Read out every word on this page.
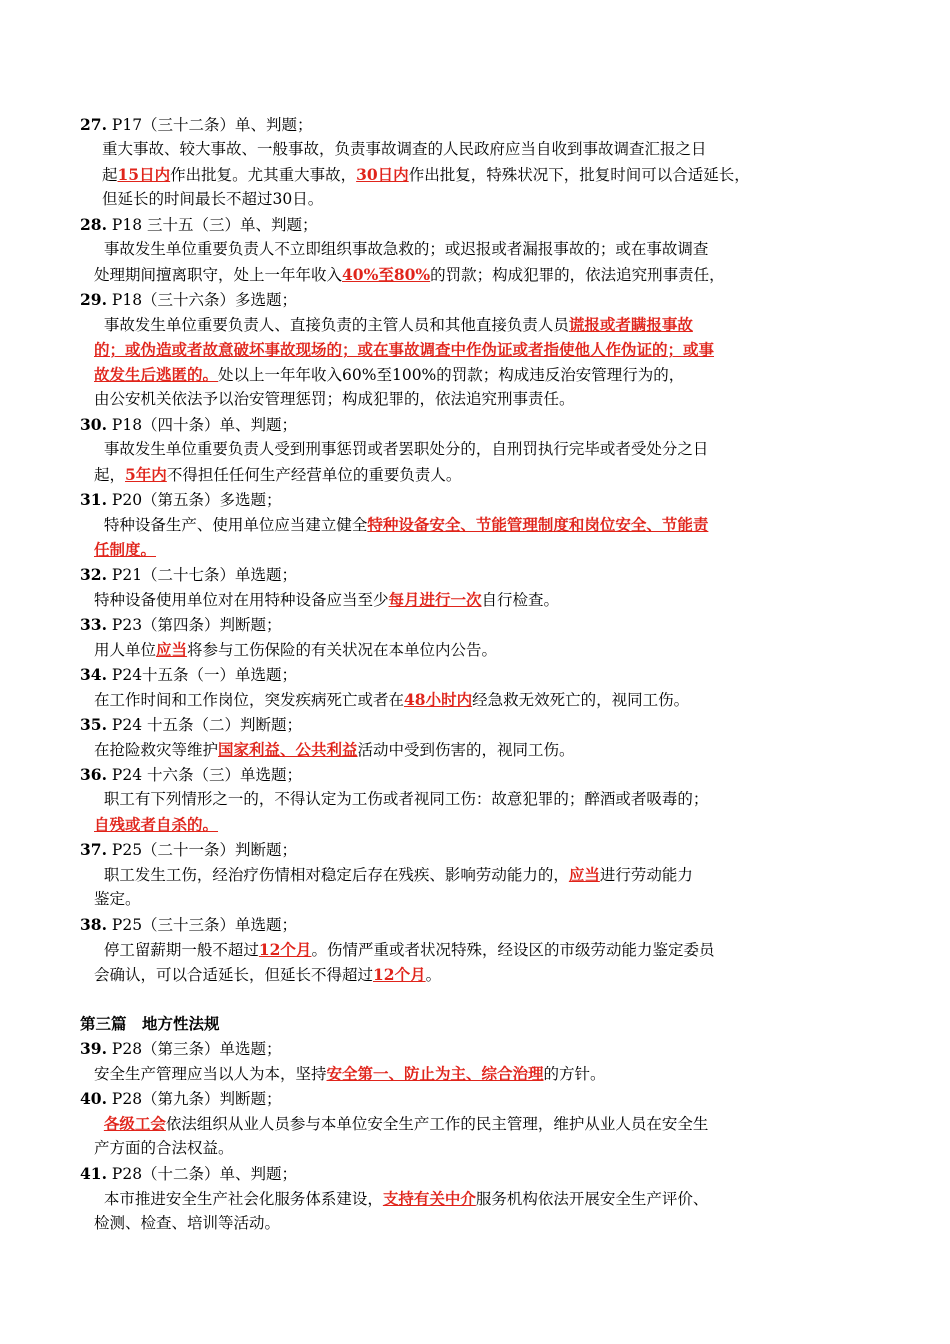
27. P17（三十二条）单、判题；
重大事故、较大事故、一般事故，负责事故调查的人民政府应当自收到事故调查汇报之日
起15日内作出批复。尤其重大事故，30日内作出批复，特殊状况下，批复时间可以合适延长，
但延长的时间最长不超过30日。
28. P18 三十五（三）单、判题；
事故发生单位重要负责人不立即组织事故急救的；或迟报或者漏报事故的；或在事故调查
处理期间擅离职守，处上一年年收入40%至80%的罚款；构成犯罪的，依法追究刑事责任，
29. P18（三十六条）多选题；
事故发生单位重要负责人、直接负责的主管人员和其他直接负责人员谎报或者瞒报事故
的；或伪造或者故意破坏事故现场的；或在事故调查中作伪证或者指使他人作伪证的；或事
故发生后逃匿的。处以上一年年收入60%至100%的罚款；构成违反治安管理行为的，
由公安机关依法予以治安管理惩罚；构成犯罪的，依法追究刑事责任。
30. P18（四十条）单、判题；
事故发生单位重要负责人受到刑事惩罚或者罢职处分的，自刑罚执行完毕或者受处分之日
起，5年内不得担任任何生产经营单位的重要负责人。
31. P20（第五条）多选题；
特种设备生产、使用单位应当建立健全特种设备安全、节能管理制度和岗位安全、节能责
任制度。
32. P21（二十七条）单选题；
特种设备使用单位对在用特种设备应当至少每月进行一次自行检查。
33. P23（第四条）判断题；
用人单位应当将参与工伤保险的有关状况在本单位内公告。
34. P24十五条（一）单选题；
在工作时间和工作岗位，突发疾病死亡或者在48小时内经急救无效死亡的，视同工伤。
35. P24 十五条（二）判断题；
在抢险救灾等维护国家利益、公共利益活动中受到伤害的，视同工伤。
36. P24 十六条（三）单选题；
职工有下列情形之一的，不得认定为工伤或者视同工伤：故意犯罪的；醉酒或者吸毒的；
自残或者自杀的。
37. P25（二十一条）判断题；
职工发生工伤，经治疗伤情相对稳定后存在残疾、影响劳动能力的，应当进行劳动能力
鉴定。
38. P25（三十三条）单选题；
停工留薪期一般不超过12个月。伤情严重或者状况特殊，经设区的市级劳动能力鉴定委员
会确认，可以合适延长，但延长不得超过12个月。
第三篇　地方性法规
39. P28（第三条）单选题；
安全生产管理应当以人为本，坚持安全第一、防止为主、综合治理的方针。
40. P28（第九条）判断题；
各级工会依法组织从业人员参与本单位安全生产工作的民主管理，维护从业人员在安全生
产方面的合法权益。
41. P28（十二条）单、判题；
本市推进安全生产社会化服务体系建设，支持有关中介服务机构依法开展安全生产评价、
检测、检查、培训等活动。
